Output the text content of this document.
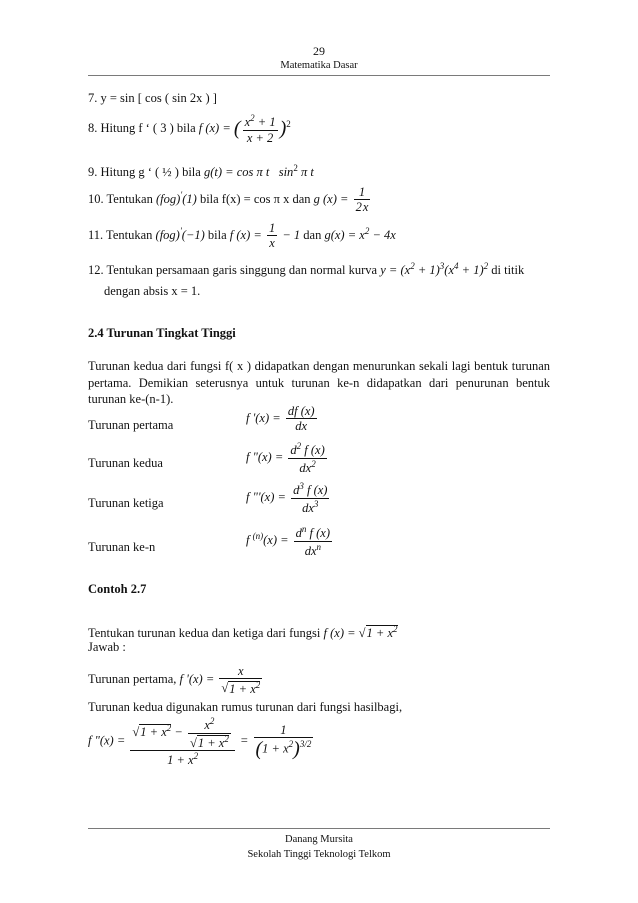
29
Matematika Dasar
7. y = sin [ cos ( sin 2x ) ]
8. Hitung f ‘ ( 3 ) bila f (x) = ( $\frac{x^2 + 1}{x + 2} )^2$
9. Hitung g ‘ ( ½ ) bila g(t) = cos π t   $\sin^2 \pi$ t
10. Tentukan (fog)'(1) bila f(x) = cos π x dan g $(x) = \frac{1}{2x}$
11. Tentukan (fog)'(−1) bila f $(x) = \frac{1}{x} - 1$ dan $g(x) = x^2 - 4x$
12. Tentukan persamaan garis singgung dan normal kurva $y = (x^2 + 1)^3(x^4 + 1)^2$ di titik
dengan absis x = 1.
2.4 Turunan Tingkat Tinggi
Turunan kedua dari fungsi f( x ) didapatkan dengan menurunkan sekali lagi bentuk turunan pertama. Demikian seterusnya untuk turunan ke-n didapatkan dari penurunan bentuk turunan ke-(n-1).
Turunan pertama
f '$(x) = \frac{df (x)}{dx}$
Turunan kedua	f "$(x) = \frac{d^2 f (x)}{dx^2}$
Turunan ketiga	f "'$(x) = \frac{d^3 f (x)}{dx^3}$
Turunan ke-n
f $^{(n)}(x) = \frac{d^n f (x)}{dx^n}$
Contoh 2.7
Tentukan turunan kedua dan ketiga dari fungsi f $(x) = √1 + x^2$
Jawab :
Turunan pertama, f '$(x) = \frac{x}{√1 + x^2}$
Turunan kedua digunakan rumus turunan dari fungsi hasilbagi,
f "$(x) = \frac{√1 + x^2 - \frac{x^2}{√1 + x^2}}{1 + x^2} = \frac{1}{(1 + x^2)^{3/2}}$
Danang Mursita
Sekolah Tinggi Teknologi Telkom
